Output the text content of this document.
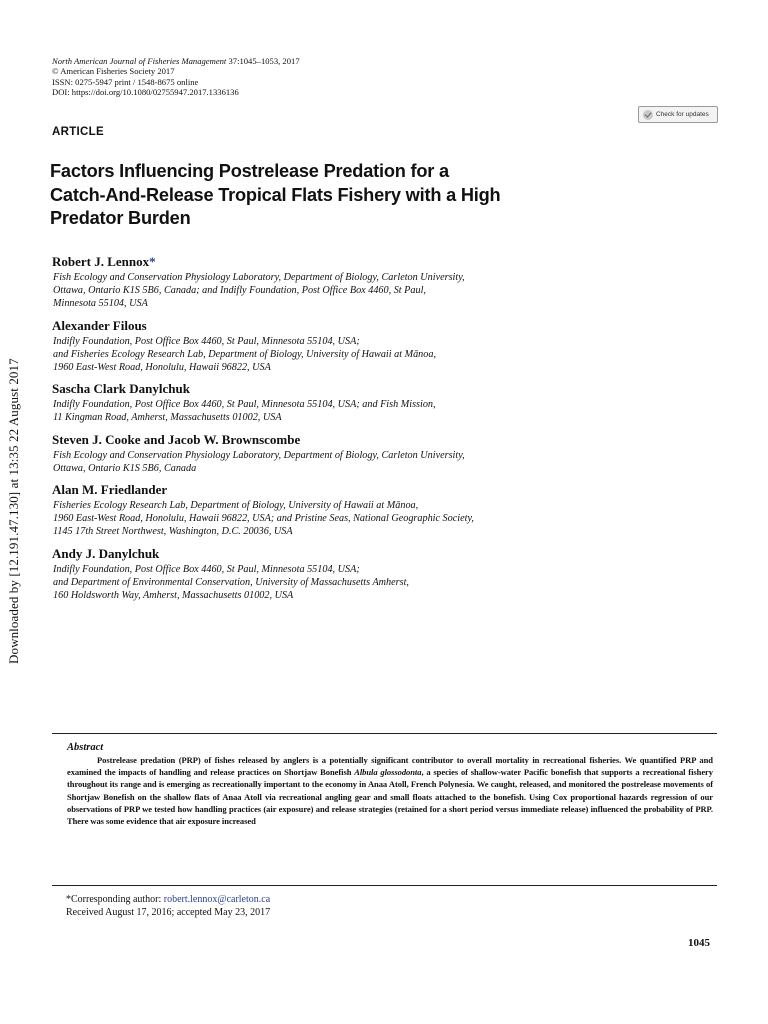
Downloaded by [12.191.47.130] at 13:35 22 August 2017
North American Journal of Fisheries Management 37:1045–1053, 2017
© American Fisheries Society 2017
ISSN: 0275-5947 print / 1548-8675 online
DOI: https://doi.org/10.1080/02755947.2017.1336136
Check for updates
ARTICLE
Factors Influencing Postrelease Predation for a
Catch-And-Release Tropical Flats Fishery with a High
Predator Burden
Robert J. Lennox*
Fish Ecology and Conservation Physiology Laboratory, Department of Biology, Carleton University,
Ottawa, Ontario K1S 5B6, Canada; and Indifly Foundation, Post Office Box 4460, St Paul,
Minnesota 55104, USA
Alexander Filous
Indifly Foundation, Post Office Box 4460, St Paul, Minnesota 55104, USA;
and Fisheries Ecology Research Lab, Department of Biology, University of Hawaii at Mānoa,
1960 East-West Road, Honolulu, Hawaii 96822, USA
Sascha Clark Danylchuk
Indifly Foundation, Post Office Box 4460, St Paul, Minnesota 55104, USA; and Fish Mission,
11 Kingman Road, Amherst, Massachusetts 01002, USA
Steven J. Cooke and Jacob W. Brownscombe
Fish Ecology and Conservation Physiology Laboratory, Department of Biology, Carleton University,
Ottawa, Ontario K1S 5B6, Canada
Alan M. Friedlander
Fisheries Ecology Research Lab, Department of Biology, University of Hawaii at Mānoa,
1960 East-West Road, Honolulu, Hawaii 96822, USA; and Pristine Seas, National Geographic Society,
1145 17th Street Northwest, Washington, D.C. 20036, USA
Andy J. Danylchuk
Indifly Foundation, Post Office Box 4460, St Paul, Minnesota 55104, USA;
and Department of Environmental Conservation, University of Massachusetts Amherst,
160 Holdsworth Way, Amherst, Massachusetts 01002, USA
Abstract

Postrelease predation (PRP) of fishes released by anglers is a potentially significant contributor to overall mortality in recreational fisheries. We quantified PRP and examined the impacts of handling and release practices on Shortjaw Bonefish Albula glossodonta, a species of shallow-water Pacific bonefish that supports a recreational fishery throughout its range and is emerging as recreationally important to the economy in Anaa Atoll, French Polynesia. We caught, released, and monitored the postrelease movements of Shortjaw Bonefish on the shallow flats of Anaa Atoll via recreational angling gear and small floats attached to the bonefish. Using Cox proportional hazards regression of our observations of PRP we tested how handling practices (air exposure) and release strategies (retained for a short period versus immediate release) influenced the probability of PRP. There was some evidence that air exposure increased

*Corresponding author: robert.lennox@carleton.ca
Received August 17, 2016; accepted May 23, 2017
1045
